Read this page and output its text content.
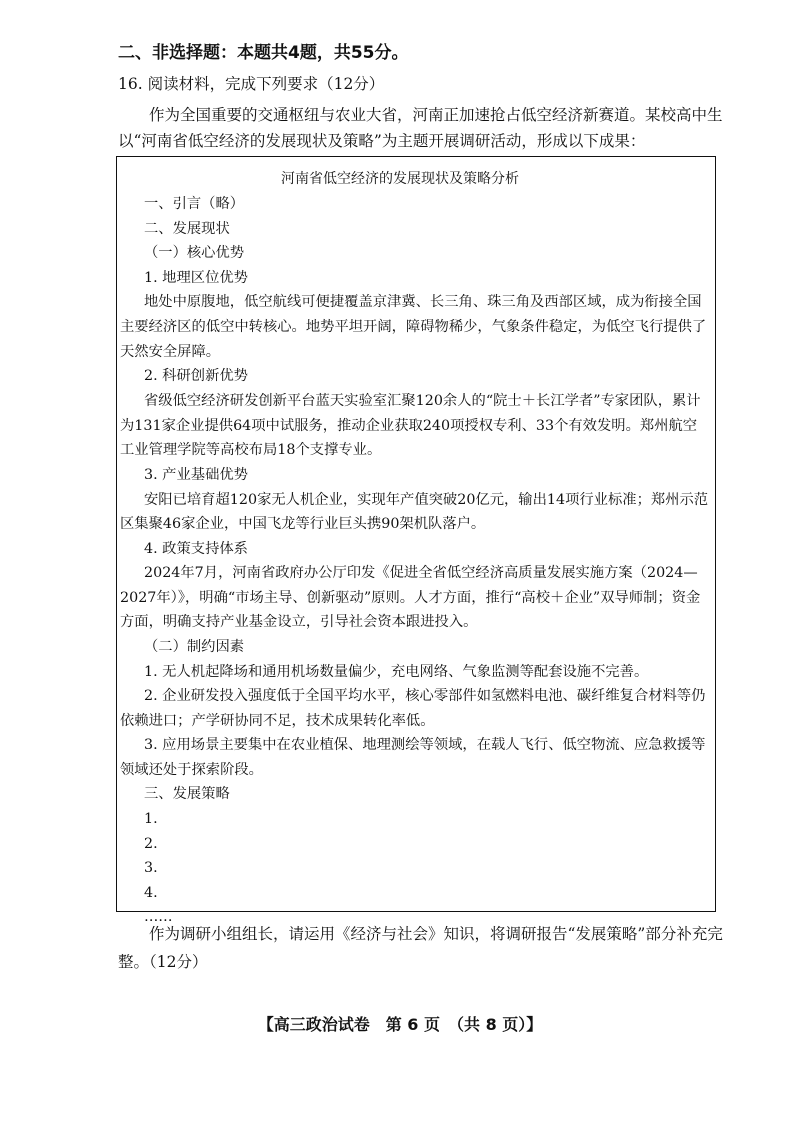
二、非选择题：本题共4题，共55分。
16. 阅读材料，完成下列要求（12分）
作为全国重要的交通枢纽与农业大省，河南正加速抢占低空经济新赛道。某校高中生以“河南省低空经济的发展现状及策略”为主题开展调研活动，形成以下成果：
河南省低空经济的发展现状及策略分析
一、引言（略）
二、发展现状
（一）核心优势
1. 地理区位优势
地处中原腹地，低空航线可便捷覆盖京津冀、长三角、珠三角及西部区域，成为衔接全国主要经济区的低空中转核心。地势平坦开阔，障碍物稀少，气象条件稳定，为低空飞行提供了天然安全屏障。
2. 科研创新优势
省级低空经济研发创新平台蓝天实验室汇聚120余人的“院士＋长江学者”专家团队，累计为131家企业提供64项中试服务，推动企业获取240项授权专利、33个有效发明。郑州航空工业管理学院等高校布局18个支撑专业。
3. 产业基础优势
安阳已培育超120家无人机企业，实现年产值突破20亿元，输出14项行业标准；郑州示范区集聚46家企业，中国飞龙等行业巨头携90架机队落户。
4. 政策支持体系
2024年7月，河南省政府办公厅印发《促进全省低空经济高质量发展实施方案（2024—2027年）》，明确“市场主导、创新驱动”原则。人才方面，推行“高校＋企业”双导师制；资金方面，明确支持产业基金设立，引导社会资本跟进投入。
（二）制约因素
1. 无人机起降场和通用机场数量偏少，充电网络、气象监测等配套设施不完善。
2. 企业研发投入强度低于全国平均水平，核心零部件如氢燃料电池、碳纤维复合材料等仍依赖进口；产学研协同不足，技术成果转化率低。
3. 应用场景主要集中在农业植保、地理测绘等领域，在载人飞行、低空物流、应急救援等领域还处于探索阶段。
三、发展策略
1.
2.
3.
4.
……
作为调研小组组长，请运用《经济与社会》知识，将调研报告“发展策略”部分补充完整。（12分）
【高三政治试卷　第 6 页　（共 8 页）】
